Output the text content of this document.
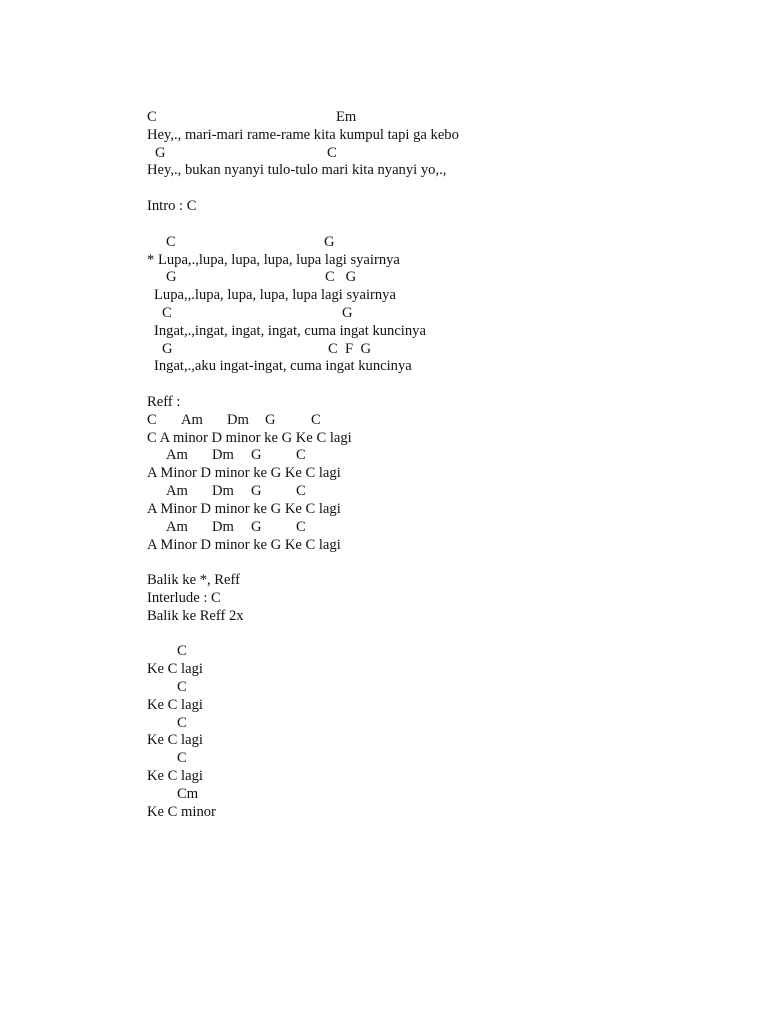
C	Em
Hey,., mari-mari rame-rame kita kumpul tapi ga kebo
G	C
Hey,., bukan nyanyi tulo-tulo mari kita nyanyi yo,.,
Intro : C
C	G
* Lupa,.,lupa, lupa, lupa, lupa lagi syairnya
G	C   G
Lupa,,.lupa, lupa, lupa, lupa lagi syairnya
C	G
Ingat,.,ingat, ingat, ingat, cuma ingat kuncinya
G	C  F  G
Ingat,.,aku ingat-ingat, cuma ingat kuncinya
Reff :
C Am Dm G C
C A minor D minor ke G Ke C lagi
Am Dm G C
A Minor D minor ke G Ke C lagi
Am Dm G C
A Minor D minor ke G Ke C lagi
Am Dm G C
A Minor D minor ke G Ke C lagi
Balik ke *, Reff
Interlude : C
Balik ke Reff 2x
C
Ke C lagi
C
Ke C lagi
C
Ke C lagi
C
Ke C lagi
Cm
Ke C minor
